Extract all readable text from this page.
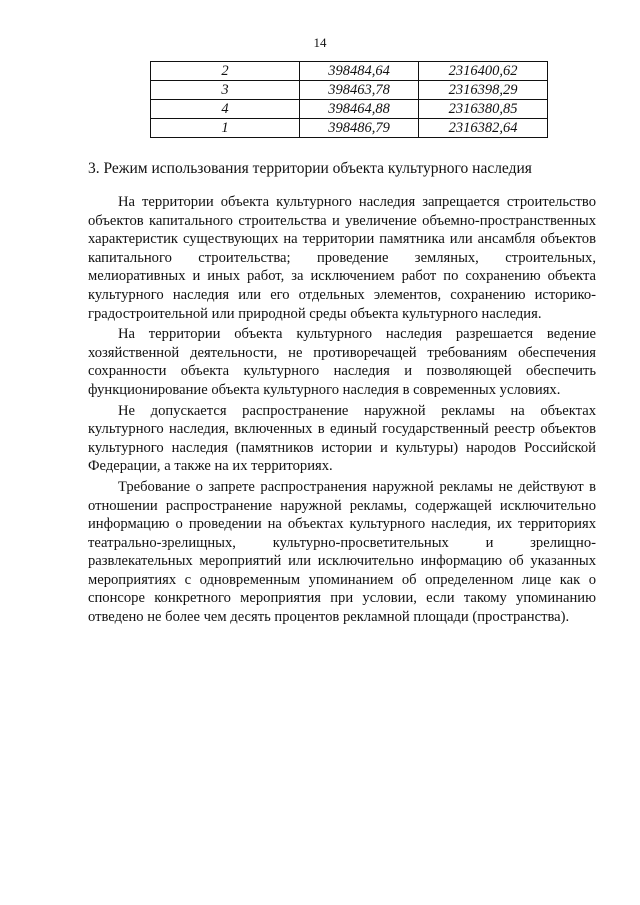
14
2	398484,64	2316400,62
3	398463,78	2316398,29
4	398464,88	2316380,85
1	398486,79	2316382,64
3. Режим использования территории объекта культурного наследия

На территории объекта культурного наследия запрещается строительство объектов капитального строительства и увеличение объемно-пространственных характеристик существующих на территории памятника или ансамбля объектов капитального строительства; проведение земляных, строительных, мелиоративных и иных работ, за исключением работ по сохранению объекта культурного наследия или его отдельных элементов, сохранению историко-градостроительной или природной среды объекта культурного наследия.

На территории объекта культурного наследия разрешается ведение хозяйственной деятельности, не противоречащей требованиям обеспечения сохранности объекта культурного наследия и позволяющей обеспечить функционирование объекта культурного наследия в современных условиях.

Не допускается распространение наружной рекламы на объектах культурного наследия, включенных в единый государственный реестр объектов культурного наследия (памятников истории и культуры) народов Российской Федерации, а также на их территориях.

Требование о запрете распространения наружной рекламы не действуют в отношении распространение наружной рекламы, содержащей исключительно информацию о проведении на объектах культурного наследия, их территориях театрально-зрелищных, культурно-просветительных и зрелищно-развлекательных мероприятий или исключительно информацию об указанных мероприятиях с одновременным упоминанием об определенном лице как о спонсоре конкретного мероприятия при условии, если такому упоминанию отведено не более чем десять процентов рекламной площади (пространства).
